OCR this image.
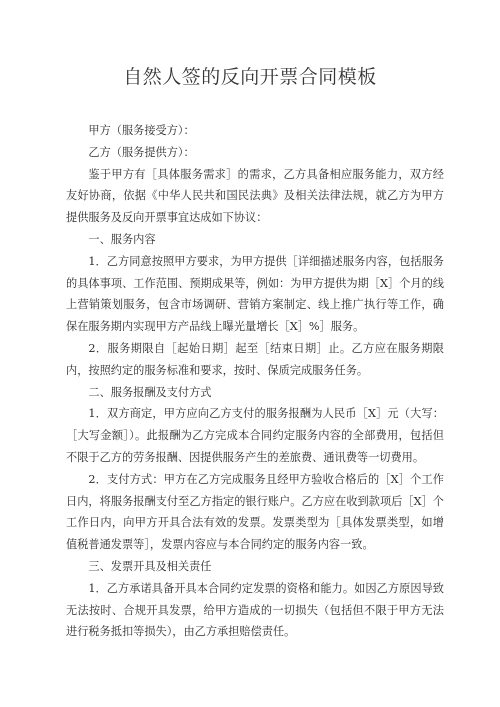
自然人签的反向开票合同模板

甲方（服务接受方）：

乙方（服务提供方）：

鉴于甲方有［具体服务需求］的需求，乙方具备相应服务能力，双方经友好协商，依据《中华人民共和国民法典》及相关法律法规，就乙方为甲方提供服务及反向开票事宜达成如下协议：

一、服务内容

1．乙方同意按照甲方要求，为甲方提供［详细描述服务内容，包括服务的具体事项、工作范围、预期成果等，例如：为甲方提供为期［X］个月的线上营销策划服务，包含市场调研、营销方案制定、线上推广执行等工作，确保在服务期内实现甲方产品线上曝光量增长［X］%］服务。

2．服务期限自［起始日期］起至［结束日期］止。乙方应在服务期限内，按照约定的服务标准和要求，按时、保质完成服务任务。

二、服务报酬及支付方式

1．双方商定，甲方应向乙方支付的服务报酬为人民币［X］元（大写：［大写金额］）。此报酬为乙方完成本合同约定服务内容的全部费用，包括但不限于乙方的劳务报酬、因提供服务产生的差旅费、通讯费等一切费用。

2．支付方式：甲方在乙方完成服务且经甲方验收合格后的［X］个工作日内，将服务报酬支付至乙方指定的银行账户。乙方应在收到款项后［X］个工作日内，向甲方开具合法有效的发票。发票类型为［具体发票类型，如增值税普通发票等］，发票内容应与本合同约定的服务内容一致。

三、发票开具及相关责任

1．乙方承诺具备开具本合同约定发票的资格和能力。如因乙方原因导致无法按时、合规开具发票，给甲方造成的一切损失（包括但不限于甲方无法进行税务抵扣等损失），由乙方承担赔偿责任。
